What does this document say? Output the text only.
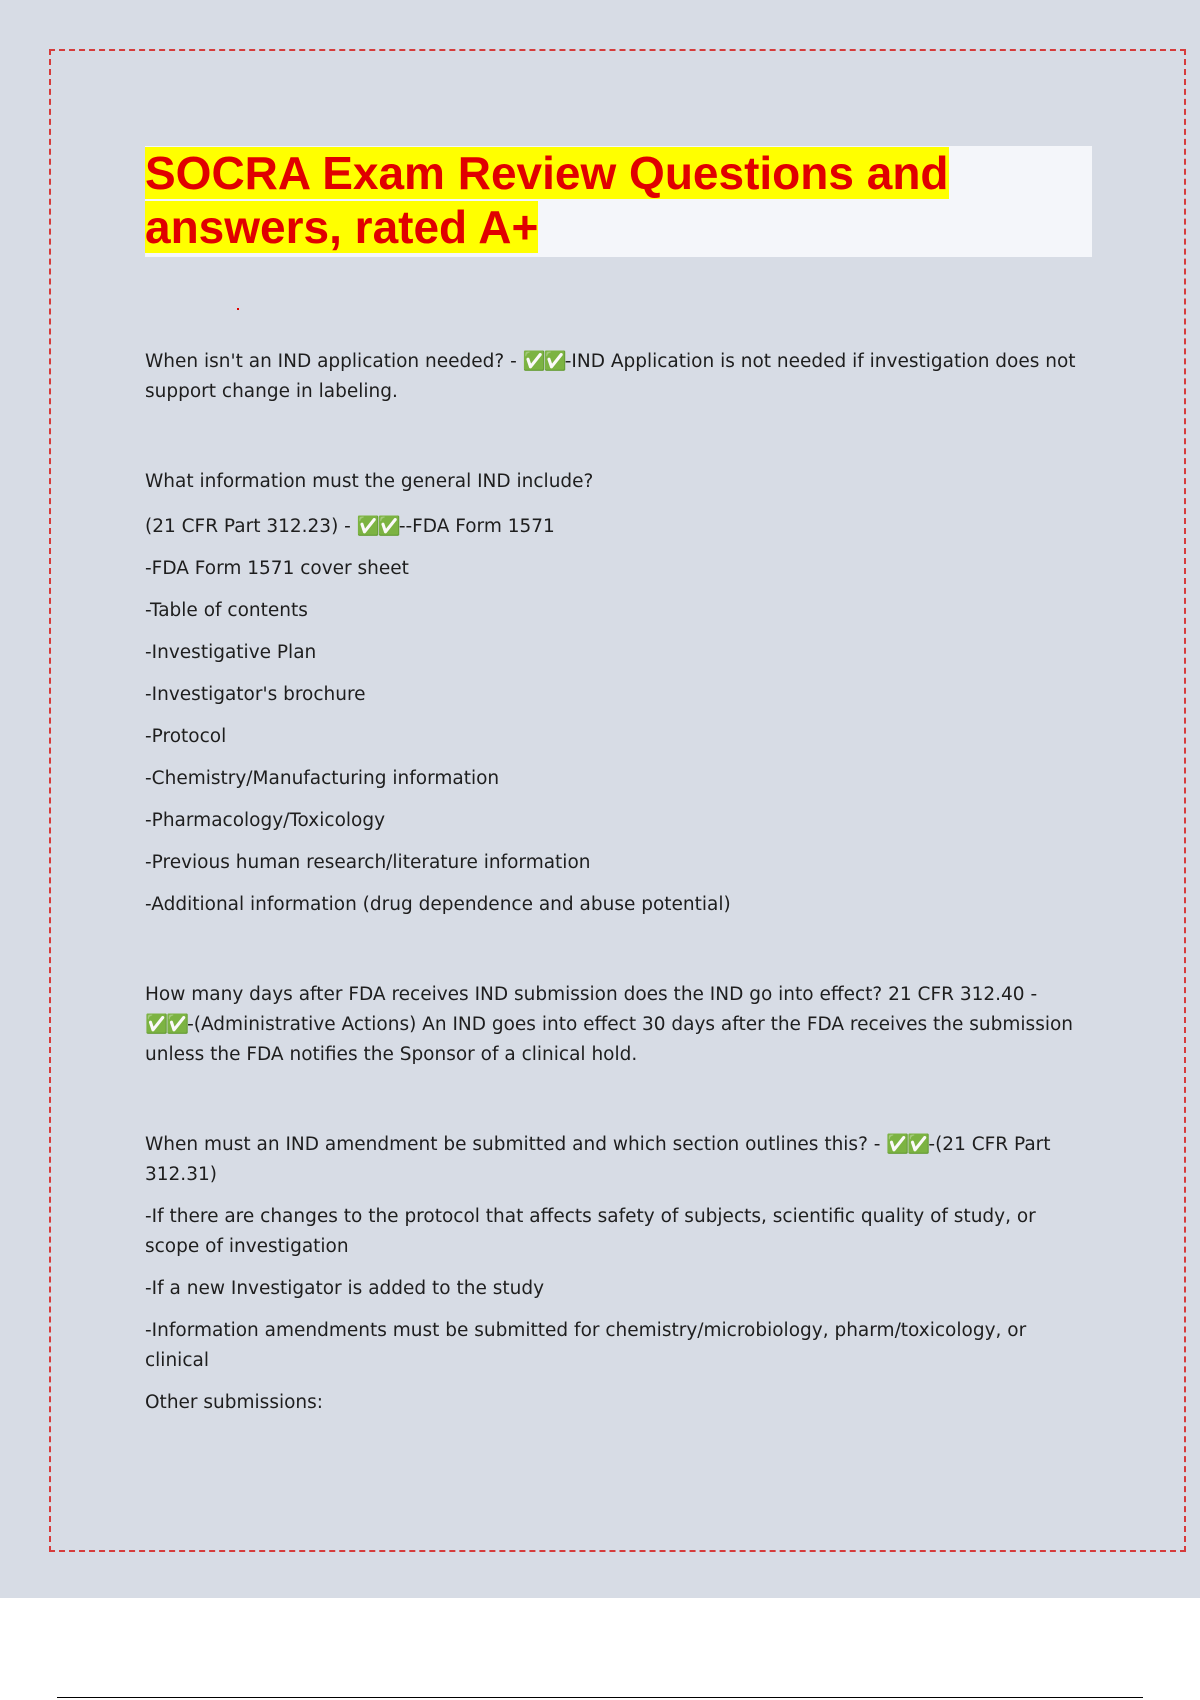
SOCRA Exam Review Questions and
answers, rated A+

When isn't an IND application needed? - ✅✅-IND Application is not needed if investigation does not support change in labeling.

What information must the general IND include?

(21 CFR Part 312.23) - ✅✅--FDA Form 1571

-FDA Form 1571 cover sheet

-Table of contents

-Investigative Plan

-Investigator's brochure

-Protocol

-Chemistry/Manufacturing information

-Pharmacology/Toxicology

-Previous human research/literature information

-Additional information (drug dependence and abuse potential)

How many days after FDA receives IND submission does the IND go into effect? 21 CFR 312.40 - ✅✅-(Administrative Actions) An IND goes into effect 30 days after the FDA receives the submission unless the FDA notifies the Sponsor of a clinical hold.

When must an IND amendment be submitted and which section outlines this? - ✅✅-(21 CFR Part 312.31)

-If there are changes to the protocol that affects safety of subjects, scientific quality of study, or scope of investigation

-If a new Investigator is added to the study

-Information amendments must be submitted for chemistry/microbiology, pharm/toxicology, or clinical

Other submissions:
